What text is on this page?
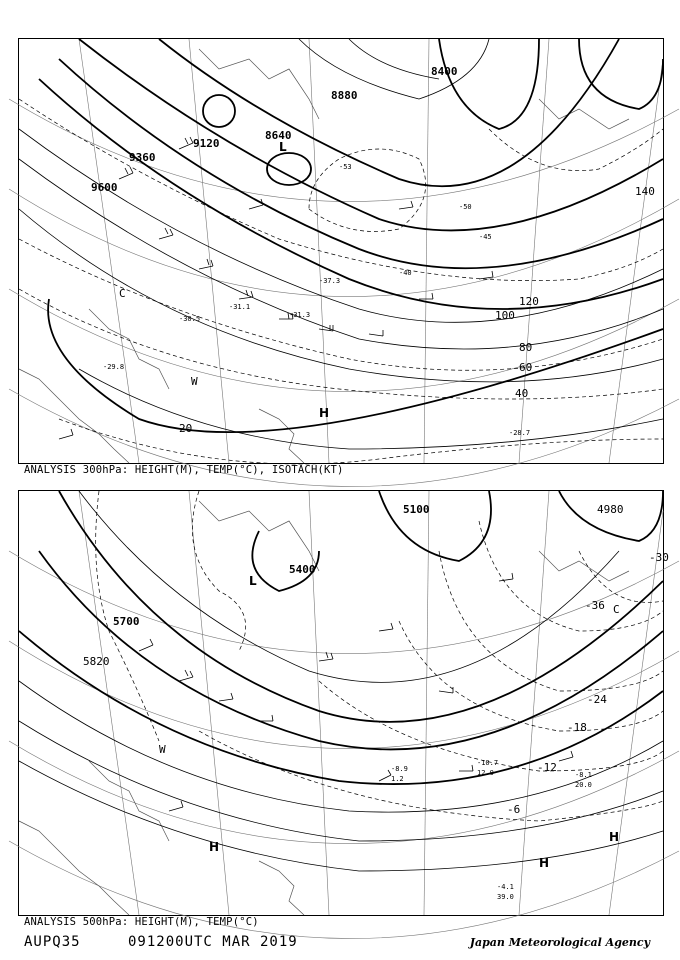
9120
9360
9600
8640
8880
8400
120
100
80
60
40
20
140
-53
-50
-45
-40
-37.3
-31.1
-31.3
-28.7
-30.5
-29.8
H
L
W
C
ANALYSIS 300hPa: HEIGHT(M), TEMP(°C), ISOTACH(KT)
5700
5820
5400
5100	4980
-36
-30
-24
-18
-12
-6
-8.9
1.2
-4.1
39.0
-10.7
12.0	-8.1
20.0
H
H
H
L
W
C
ANALYSIS 500hPa: HEIGHT(M), TEMP(°C)
AUPQ35	091200UTC MAR 2019	Japan Meteorological Agency
